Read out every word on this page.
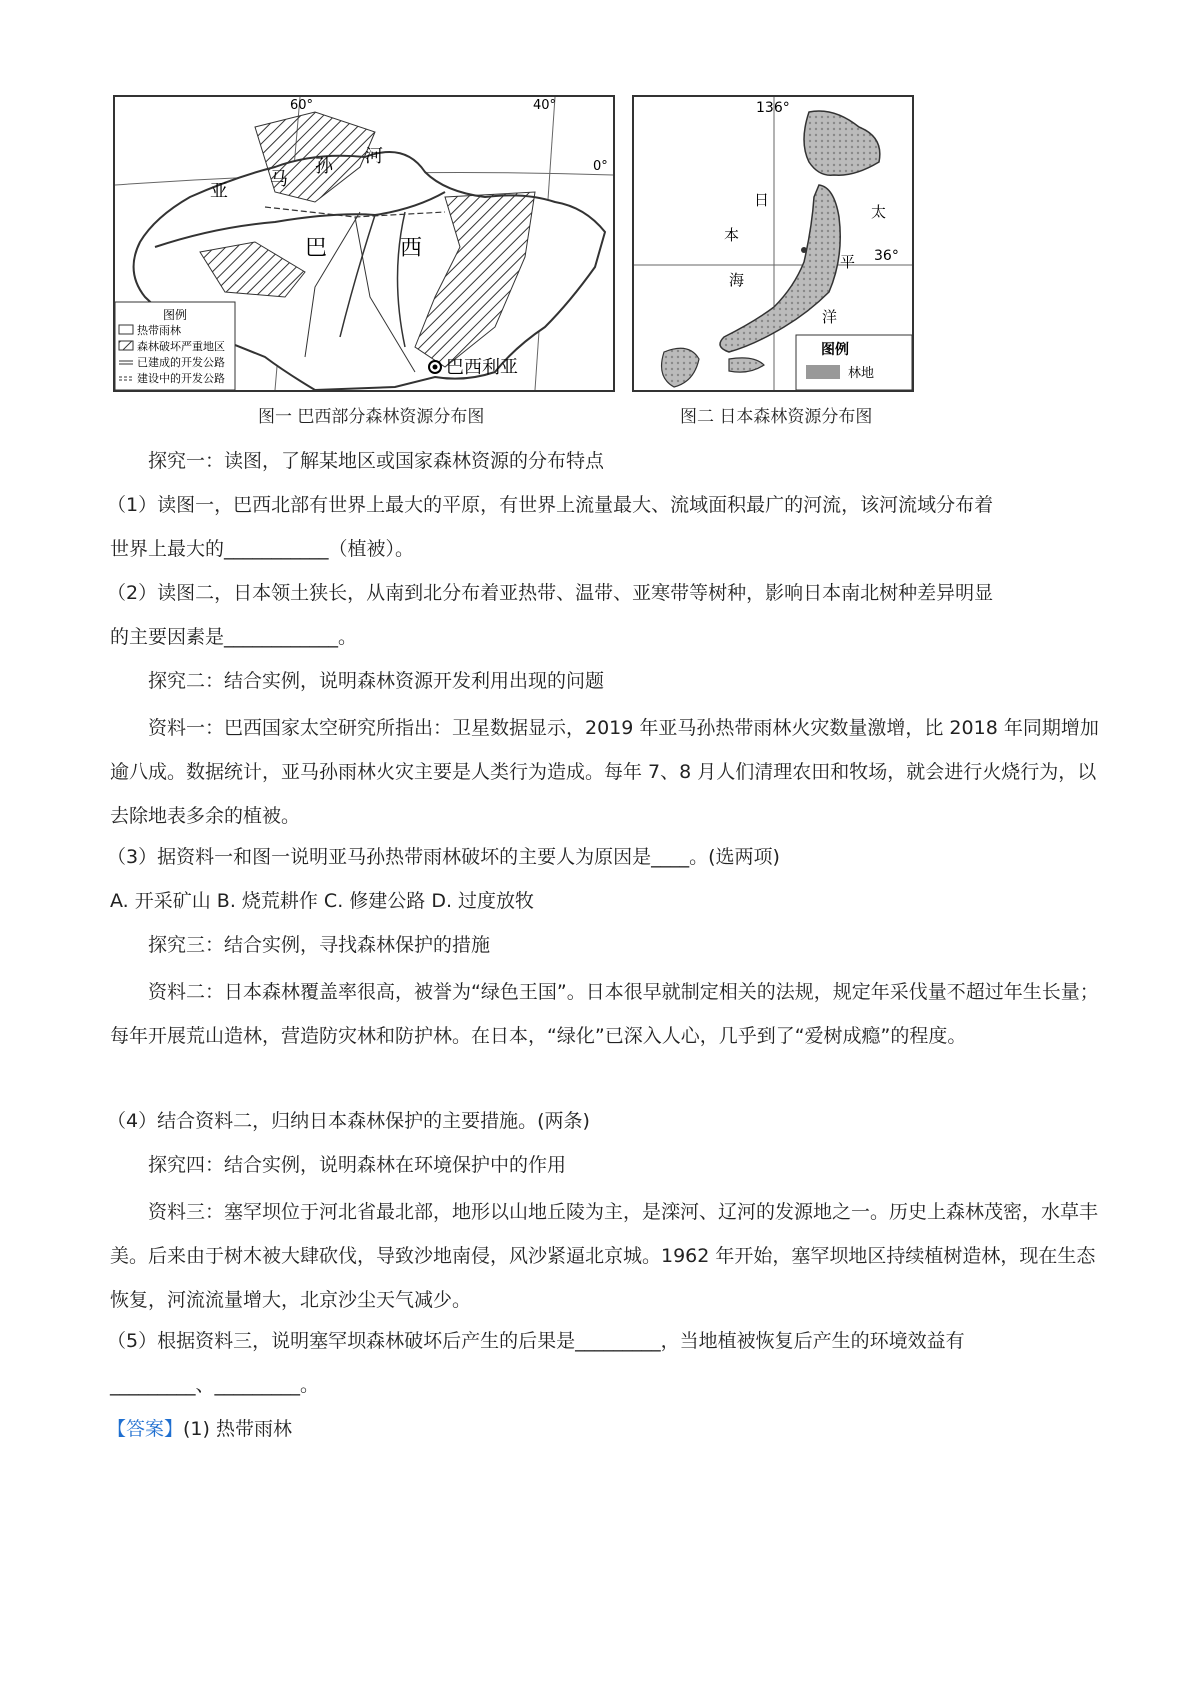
60°	40°
0°
亚
马
孙 河
巴	西
巴西利亚
图例
热带雨林
森林破坏严重地区
已建成的开发公路
建设中的开发公路
图一 巴西部分森林资源分布图
136°
36°
日
本
海
太
平
洋
图例
林地
图二 日本森林资源分布图
探究一：读图，了解某地区或国家森林资源的分布特点
（1）读图一，巴西北部有世界上最大的平原，有世界上流量最大、流域面积最广的河流，该河流域分布着
世界上最大的___________（植被）。
（2）读图二，日本领土狭长，从南到北分布着亚热带、温带、亚寒带等树种，影响日本南北树种差异明显
的主要因素是____________。
探究二：结合实例，说明森林资源开发利用出现的问题
资料一：巴西国家太空研究所指出：卫星数据显示，2019 年亚马孙热带雨林火灾数量激增，比 2018 年同期增加逾八成。数据统计，亚马孙雨林火灾主要是人类行为造成。每年 7、8 月人们清理农田和牧场，就会进行火烧行为，以去除地表多余的植被。
（3）据资料一和图一说明亚马孙热带雨林破坏的主要人为原因是____。(选两项)
A. 开采矿山 B. 烧荒耕作 C. 修建公路 D. 过度放牧
探究三：结合实例，寻找森林保护的措施
资料二：日本森林覆盖率很高，被誉为“绿色王国”。日本很早就制定相关的法规，规定年采伐量不超过年生长量；每年开展荒山造林，营造防灾林和防护林。在日本，“绿化”已深入人心，几乎到了“爱树成瘾”的程度。
（4）结合资料二，归纳日本森林保护的主要措施。(两条)
探究四：结合实例，说明森林在环境保护中的作用
资料三：塞罕坝位于河北省最北部，地形以山地丘陵为主，是滦河、辽河的发源地之一。历史上森林茂密，水草丰美。后来由于树木被大肆砍伐，导致沙地南侵，风沙紧逼北京城。1962 年开始，塞罕坝地区持续植树造林，现在生态恢复，河流流量增大，北京沙尘天气减少。
（5）根据资料三，说明塞罕坝森林破坏后产生的后果是_________，当地植被恢复后产生的环境效益有
_________、_________。
【答案】(1) 热带雨林
